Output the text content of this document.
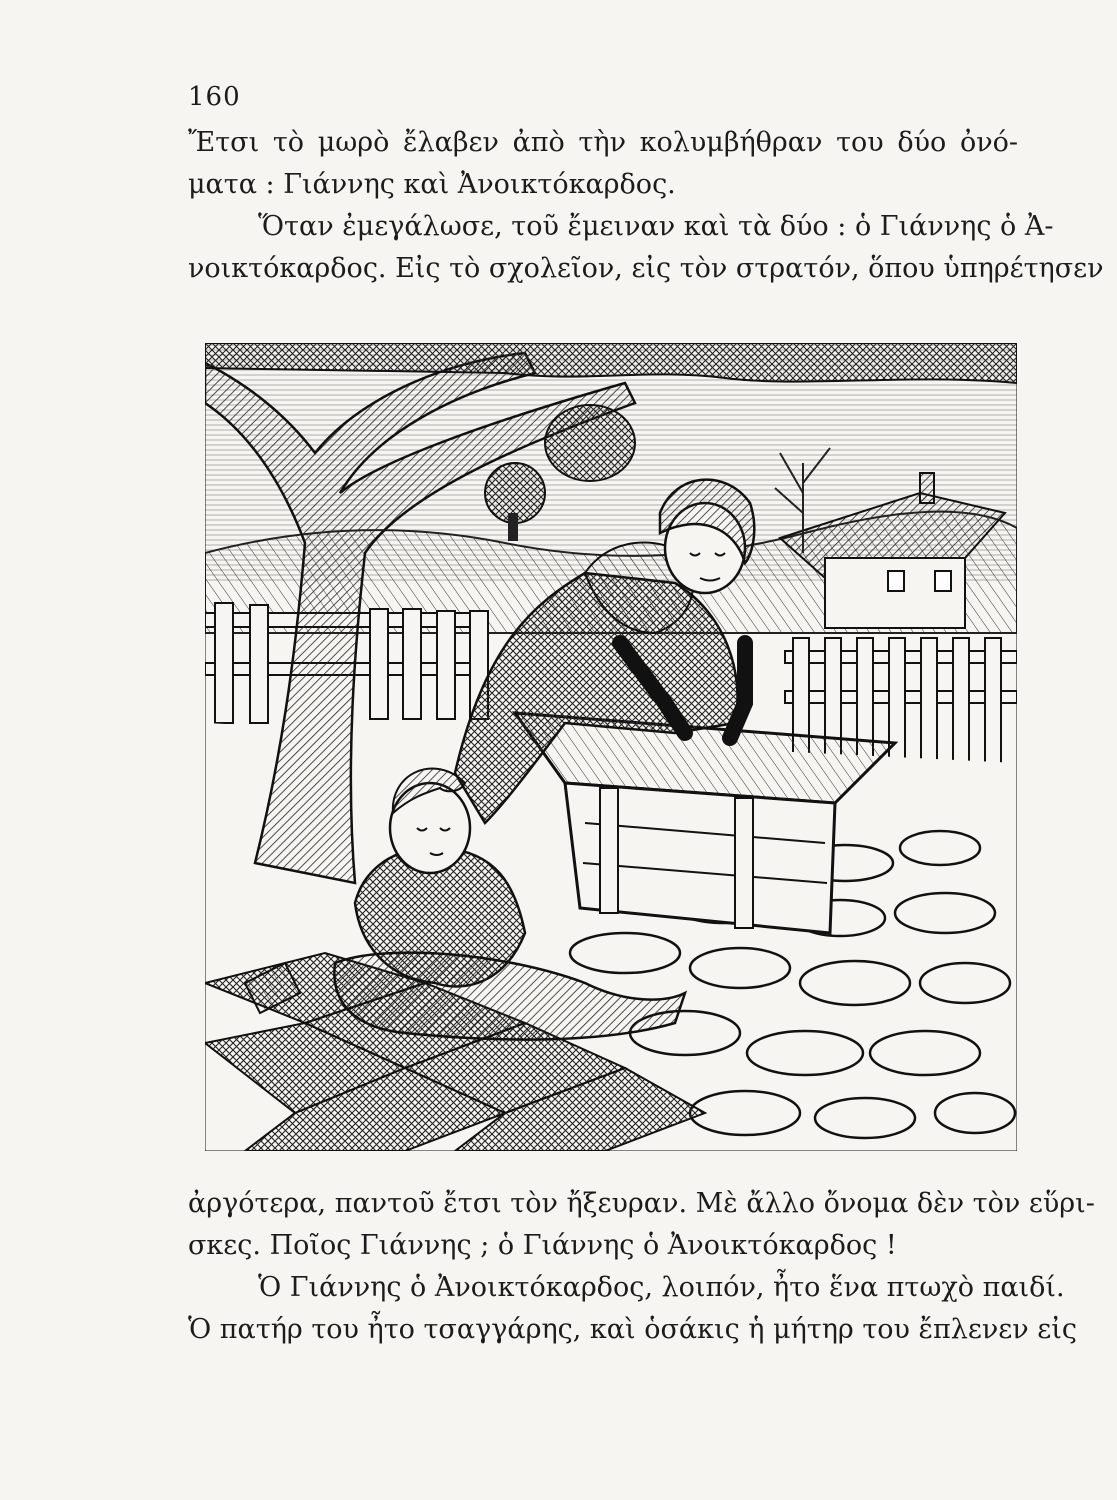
160
Ἔτσι τὸ μωρὸ ἔλαβεν ἀπὸ τὴν κολυμβήθραν του δύο ὀνό-
ματα : Γιάννης καὶ Ἀνοικτόκαρδος.
Ὅταν ἐμεγάλωσε, τοῦ ἔμειναν καὶ τὰ δύο : ὁ Γιάννης ὁ Ἀ-
νοικτόκαρδος. Εἰς τὸ σχολεῖον, εἰς τὸν στρατόν, ὅπου ὑπηρέτησεν
ἀργότερα, παντοῦ ἔτσι τὸν ἤξευραν. Μὲ ἄλλο ὄνομα δὲν τὸν εὕρι-
σκες. Ποῖος Γιάννης ; ὁ Γιάννης ὁ Ἀνοικτόκαρδος !
Ὁ Γιάννης ὁ Ἀνοικτόκαρδος, λοιπόν, ἦτο ἕνα πτωχὸ παιδί.
Ὁ πατήρ του ἦτο τσαγγάρης, καὶ ὁσάκις ἡ μήτηρ του ἔπλενεν εἰς
